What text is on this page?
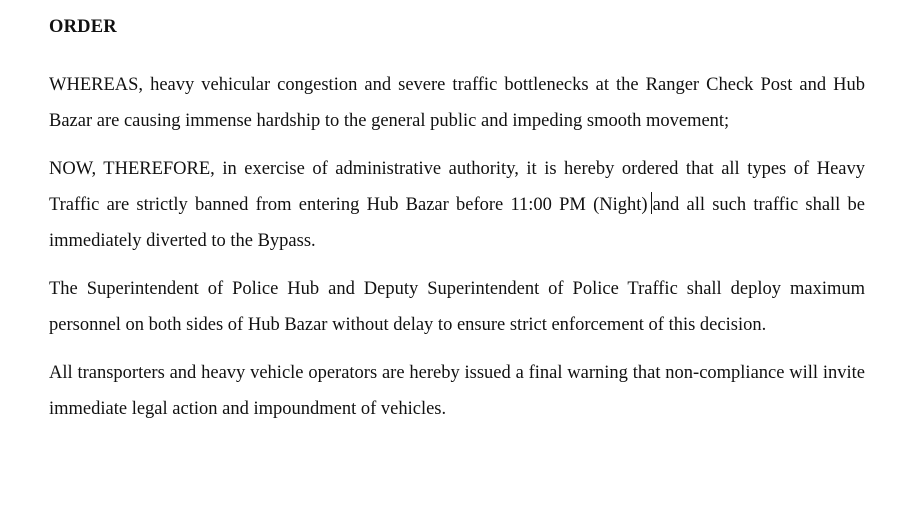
ORDER

WHEREAS, heavy vehicular congestion and severe traffic bottlenecks at the Ranger Check Post and Hub Bazar are causing immense hardship to the general public and impeding smooth movement;

NOW, THEREFORE, in exercise of administrative authority, it is hereby ordered that all types of Heavy Traffic are strictly banned from entering Hub Bazar before 11:00 PM (Night) and all such traffic shall be immediately diverted to the Bypass.

The Superintendent of Police Hub and Deputy Superintendent of Police Traffic shall deploy maximum personnel on both sides of Hub Bazar without delay to ensure strict enforcement of this decision.

All transporters and heavy vehicle operators are hereby issued a final warning that non-compliance will invite immediate legal action and impoundment of vehicles.
